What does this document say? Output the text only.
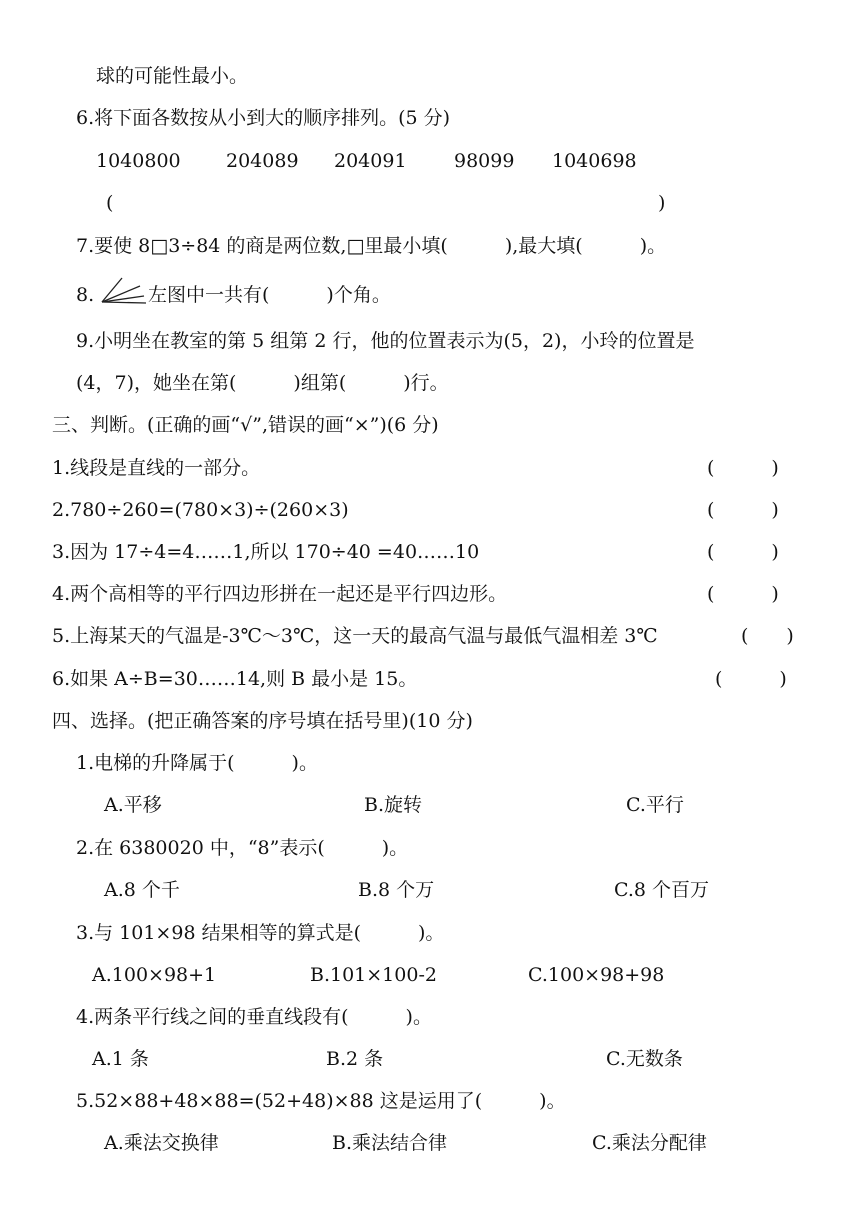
球的可能性最小。
6.将下面各数按从小到大的顺序排列。(5 分)
1040800 204089 204091 98099 1040698
(	)
7.要使 8□3÷84 的商是两位数,□里最小填(　　　),最大填(　　　)。
8.	左图中一共有(　　　)个角。
9.小明坐在教室的第 5 组第 2 行，他的位置表示为(5，2)，小玲的位置是
(4，7)，她坐在第(　　　)组第(　　　)行。
三、判断。(正确的画“√”,错误的画“×”)(6 分)
1.线段是直线的一部分。	(　　　)
2.780÷260=(780×3)÷(260×3)	(　　　)
3.因为 17÷4=4……1,所以 170÷40 =40……10	(　　　)
4.两个高相等的平行四边形拼在一起还是平行四边形。	(　　　)
5.上海某天的气温是-3℃～3℃，这一天的最高气温与最低气温相差 3℃	(　　)
6.如果 A÷B=30……14,则 B 最小是 15。	(　　　)
四、选择。(把正确答案的序号填在括号里)(10 分)
1.电梯的升降属于(　　　)。
A.平移	B.旋转	C.平行
2.在 6380020 中，“8”表示(　　　)。
A.8 个千	B.8 个万	C.8 个百万
3.与 101×98 结果相等的算式是(　　　)。
A.100×98+1	B.101×100-2	C.100×98+98
4.两条平行线之间的垂直线段有(　　　)。
A.1 条	B.2 条	C.无数条
5.52×88+48×88=(52+48)×88 这是运用了(　　　)。
A.乘法交换律	B.乘法结合律	C.乘法分配律
